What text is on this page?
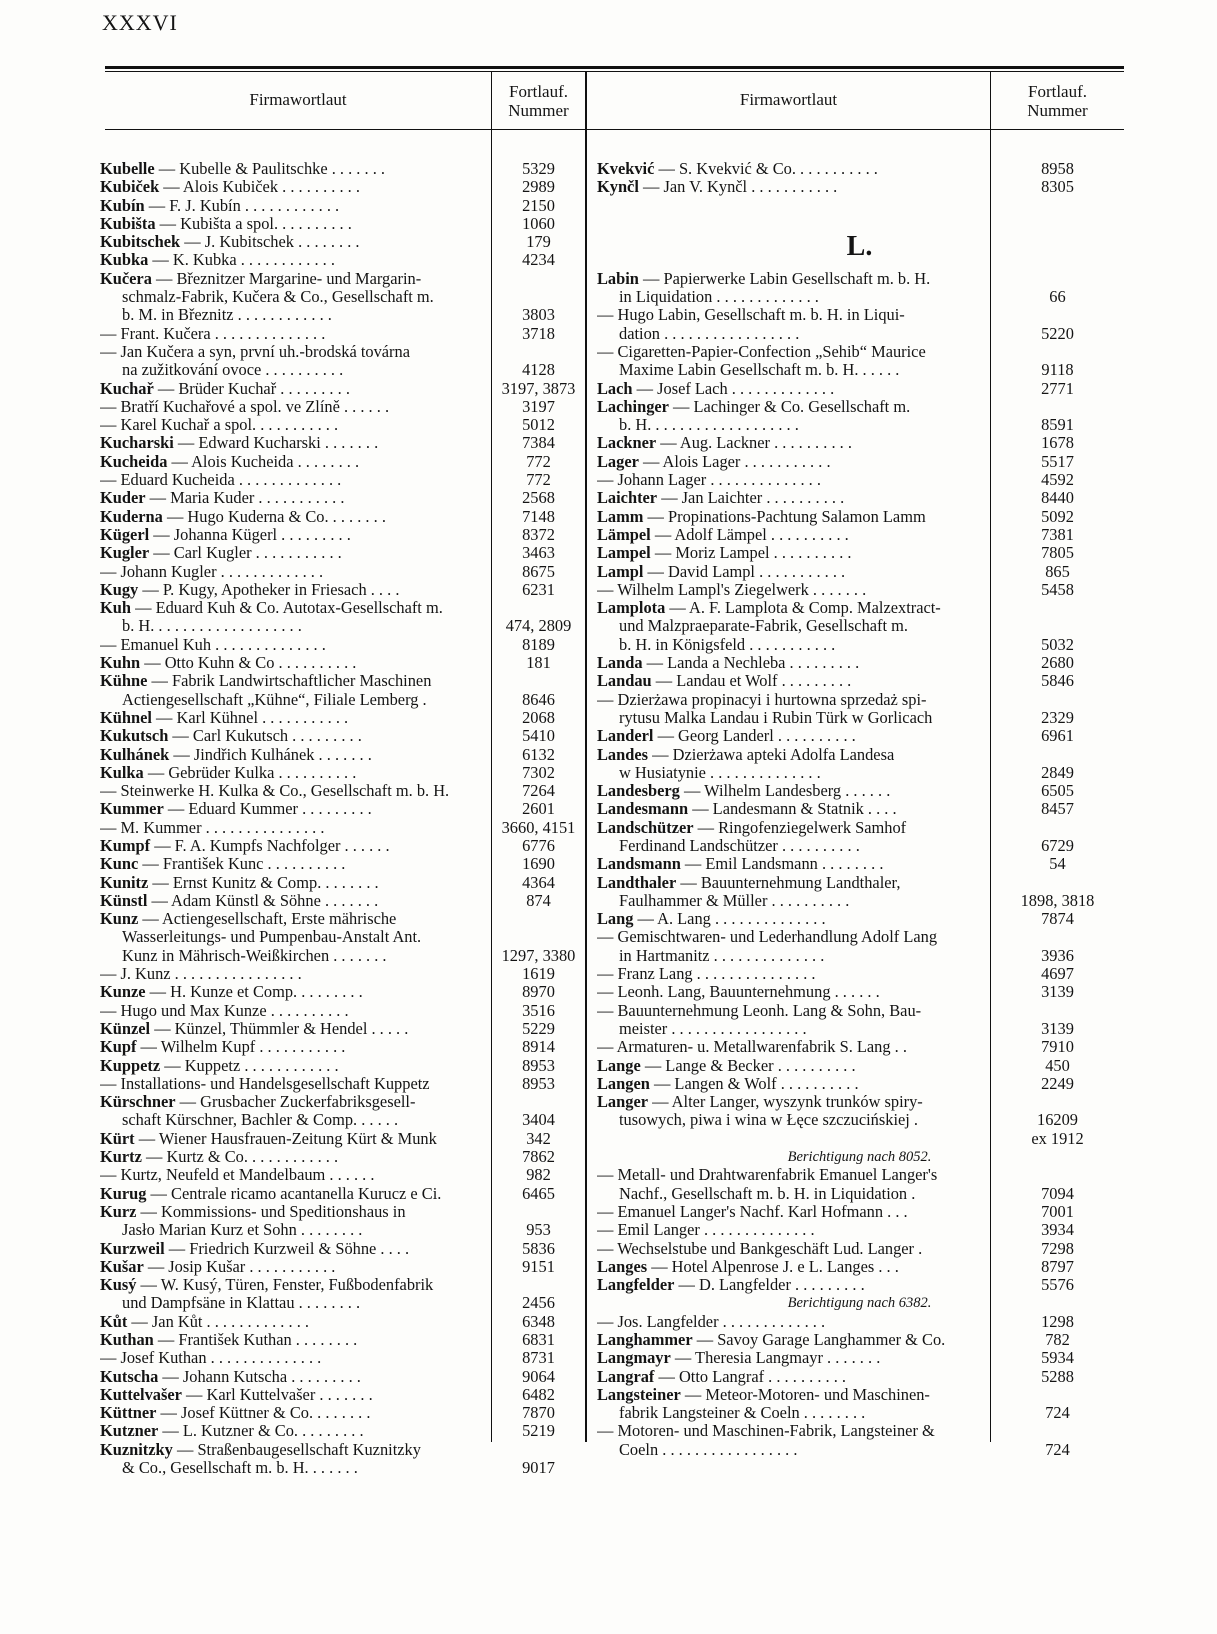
XXXVI
Firmawortlaut	Fortlauf.
Nummer
Firmawortlaut	Fortlauf.
Nummer
Kubelle — Kubelle & Paulitschke . . . . . . .	5329
Kubiček — Alois Kubiček . . . . . . . . . .	2989
Kubín — F. J. Kubín . . . . . . . . . . . .	2150
Kubišta — Kubišta a spol. . . . . . . . . .	1060
Kubitschek — J. Kubitschek . . . . . . . .	179
Kubka — K. Kubka . . . . . . . . . . . .	4234
Kučera — Březnitzer Margarine- und Margarin-
schmalz-Fabrik, Kučera & Co., Gesellschaft m.
b. M. in Březnitz . . . . . . . . . . . .	3803
— Frant. Kučera . . . . . . . . . . . . . .	3718
— Jan Kučera a syn, první uh.-brodská továrna
na zužitkování ovoce . . . . . . . . . .	4128
Kuchař — Brüder Kuchař . . . . . . . . .	3197, 3873
— Bratří Kuchařové a spol. ve Zlíně . . . . . .	3197
— Karel Kuchař a spol. . . . . . . . . . .	5012
Kucharski — Edward Kucharski . . . . . . .	7384
Kucheida — Alois Kucheida . . . . . . . .	772
— Eduard Kucheida . . . . . . . . . . . . .	772
Kuder — Maria Kuder . . . . . . . . . . .	2568
Kuderna — Hugo Kuderna & Co. . . . . . . .	7148
Kügerl — Johanna Kügerl . . . . . . . . .	8372
Kugler — Carl Kugler . . . . . . . . . . .	3463
— Johann Kugler . . . . . . . . . . . . .	8675
Kugy — P. Kugy, Apotheker in Friesach . . . .	6231
Kuh — Eduard Kuh & Co. Autotax-Gesellschaft m.
b. H. . . . . . . . . . . . . . . . . . .	474, 2809
— Emanuel Kuh . . . . . . . . . . . . . .	8189
Kuhn — Otto Kuhn & Co . . . . . . . . . .	181
Kühne — Fabrik Landwirtschaftlicher Maschinen
Actiengesellschaft „Kühne“, Filiale Lemberg .	8646
Kühnel — Karl Kühnel . . . . . . . . . . .	2068
Kukutsch — Carl Kukutsch . . . . . . . . .	5410
Kulhánek — Jindřich Kulhánek . . . . . . .	6132
Kulka — Gebrüder Kulka . . . . . . . . . .	7302
— Steinwerke H. Kulka & Co., Gesellschaft m. b. H.	7264
Kummer — Eduard Kummer . . . . . . . . .	2601
— M. Kummer . . . . . . . . . . . . . . .	3660, 4151
Kumpf — F. A. Kumpfs Nachfolger . . . . . .	6776
Kunc — František Kunc . . . . . . . . . .	1690
Kunitz — Ernst Kunitz & Comp. . . . . . . .	4364
Künstl — Adam Künstl & Söhne . . . . . . .	874
Kunz — Actiengesellschaft, Erste mährische
Wasserleitungs- und Pumpenbau-Anstalt Ant.
Kunz in Mährisch-Weißkirchen . . . . . . .	1297, 3380
— J. Kunz . . . . . . . . . . . . . . . .	1619
Kunze — H. Kunze et Comp. . . . . . . . .	8970
— Hugo und Max Kunze . . . . . . . . . .	3516
Künzel — Künzel, Thümmler & Hendel . . . . .	5229
Kupf — Wilhelm Kupf . . . . . . . . . . .	8914
Kuppetz — Kuppetz . . . . . . . . . . . .	8953
— Installations- und Handelsgesellschaft Kuppetz	8953
Kürschner — Grusbacher Zuckerfabriksgesell-
schaft Kürschner, Bachler & Comp. . . . . .	3404
Kürt — Wiener Hausfrauen-Zeitung Kürt & Munk	342
Kurtz — Kurtz & Co. . . . . . . . . . . .	7862
— Kurtz, Neufeld et Mandelbaum . . . . . .	982
Kurug — Centrale ricamo acantanella Kurucz e Ci.	6465
Kurz — Kommissions- und Speditionshaus in
Jasło Marian Kurz et Sohn . . . . . . . .	953
Kurzweil — Friedrich Kurzweil & Söhne . . . .	5836
Kušar — Josip Kušar . . . . . . . . . . .	9151
Kusý — W. Kusý, Türen, Fenster, Fußbodenfabrik
und Dampfsäne in Klattau . . . . . . . .	2456
Kůt — Jan Kůt . . . . . . . . . . . . .	6348
Kuthan — František Kuthan . . . . . . . .	6831
— Josef Kuthan . . . . . . . . . . . . . .	8731
Kutscha — Johann Kutscha . . . . . . . . .	9064
Kuttelvašer — Karl Kuttelvašer . . . . . . .	6482
Küttner — Josef Küttner & Co. . . . . . . .	7870
Kutzner — L. Kutzner & Co. . . . . . . . .	5219
Kuznitzky — Straßenbaugesellschaft Kuznitzky
& Co., Gesellschaft m. b. H. . . . . . .	9017
Kvekvić — S. Kvekvić & Co. . . . . . . . . . .	8958
Kynčl — Jan V. Kynčl . . . . . . . . . . .	8305
L.
Labin — Papierwerke Labin Gesellschaft m. b. H.
in Liquidation . . . . . . . . . . . . .	66
— Hugo Labin, Gesellschaft m. b. H. in Liqui-
dation . . . . . . . . . . . . . . . . .	5220
— Cigaretten-Papier-Confection „Sehib“ Maurice
Maxime Labin Gesellschaft m. b. H. . . . . .	9118
Lach — Josef Lach . . . . . . . . . . . . .	2771
Lachinger — Lachinger & Co. Gesellschaft m.
b. H. . . . . . . . . . . . . . . . . . .	8591
Lackner — Aug. Lackner . . . . . . . . . .	1678
Lager — Alois Lager . . . . . . . . . . .	5517
— Johann Lager . . . . . . . . . . . . . .	4592
Laichter — Jan Laichter . . . . . . . . . .	8440
Lamm — Propinations-Pachtung Salamon Lamm	5092
Lämpel — Adolf Lämpel . . . . . . . . . .	7381
Lampel — Moriz Lampel . . . . . . . . . .	7805
Lampl — David Lampl . . . . . . . . . . .	865
— Wilhelm Lampl's Ziegelwerk . . . . . . .	5458
Lamplota — A. F. Lamplota & Comp. Malzextract-
und Malzpraeparate-Fabrik, Gesellschaft m.
b. H. in Königsfeld . . . . . . . . . . .	5032
Landa — Landa a Nechleba . . . . . . . . .	2680
Landau — Landau et Wolf . . . . . . . . .	5846
— Dzierżawa propinacyi i hurtowna sprzedaż spi-
rytusu Malka Landau i Rubin Türk w Gorlicach	2329
Landerl — Georg Landerl . . . . . . . . . .	6961
Landes — Dzierżawa apteki Adolfa Landesa
w Husiatynie . . . . . . . . . . . . . .	2849
Landesberg — Wilhelm Landesberg . . . . . .	6505
Landesmann — Landesmann & Statnik . . . .	8457
Landschützer — Ringofenziegelwerk Samhof
Ferdinand Landschützer . . . . . . . . . .	6729
Landsmann — Emil Landsmann . . . . . . . .	54
Landthaler — Bauunternehmung Landthaler,
Faulhammer & Müller . . . . . . . . . .	1898, 3818
Lang — A. Lang . . . . . . . . . . . . . .	7874
— Gemischtwaren- und Lederhandlung Adolf Lang
in Hartmanitz . . . . . . . . . . . . . .	3936
— Franz Lang . . . . . . . . . . . . . . .	4697
— Leonh. Lang, Bauunternehmung . . . . . .	3139
— Bauunternehmung Leonh. Lang & Sohn, Bau-
meister . . . . . . . . . . . . . . . . .	3139
— Armaturen- u. Metallwarenfabrik S. Lang . .	7910
Lange — Lange & Becker . . . . . . . . . .	450
Langen — Langen & Wolf . . . . . . . . . .	2249
Langer — Alter Langer, wyszynk trunków spiry-
tusowych, piwa i wina w Łęce szczucińskiej .	16209
ex 1912
Berichtigung nach 8052.
— Metall- und Drahtwarenfabrik Emanuel Langer's
Nachf., Gesellschaft m. b. H. in Liquidation .	7094
— Emanuel Langer's Nachf. Karl Hofmann . . .	7001
— Emil Langer . . . . . . . . . . . . . .	3934
— Wechselstube und Bankgeschäft Lud. Langer .	7298
Langes — Hotel Alpenrose J. e L. Langes . . .	8797
Langfelder — D. Langfelder . . . . . . . . .	5576
Berichtigung nach 6382.
— Jos. Langfelder . . . . . . . . . . . . .	1298
Langhammer — Savoy Garage Langhammer & Co.	782
Langmayr — Theresia Langmayr . . . . . . .	5934
Langraf — Otto Langraf . . . . . . . . . .	5288
Langsteiner — Meteor-Motoren- und Maschinen-
fabrik Langsteiner & Coeln . . . . . . . .	724
— Motoren- und Maschinen-Fabrik, Langsteiner &
Coeln . . . . . . . . . . . . . . . . .	724
